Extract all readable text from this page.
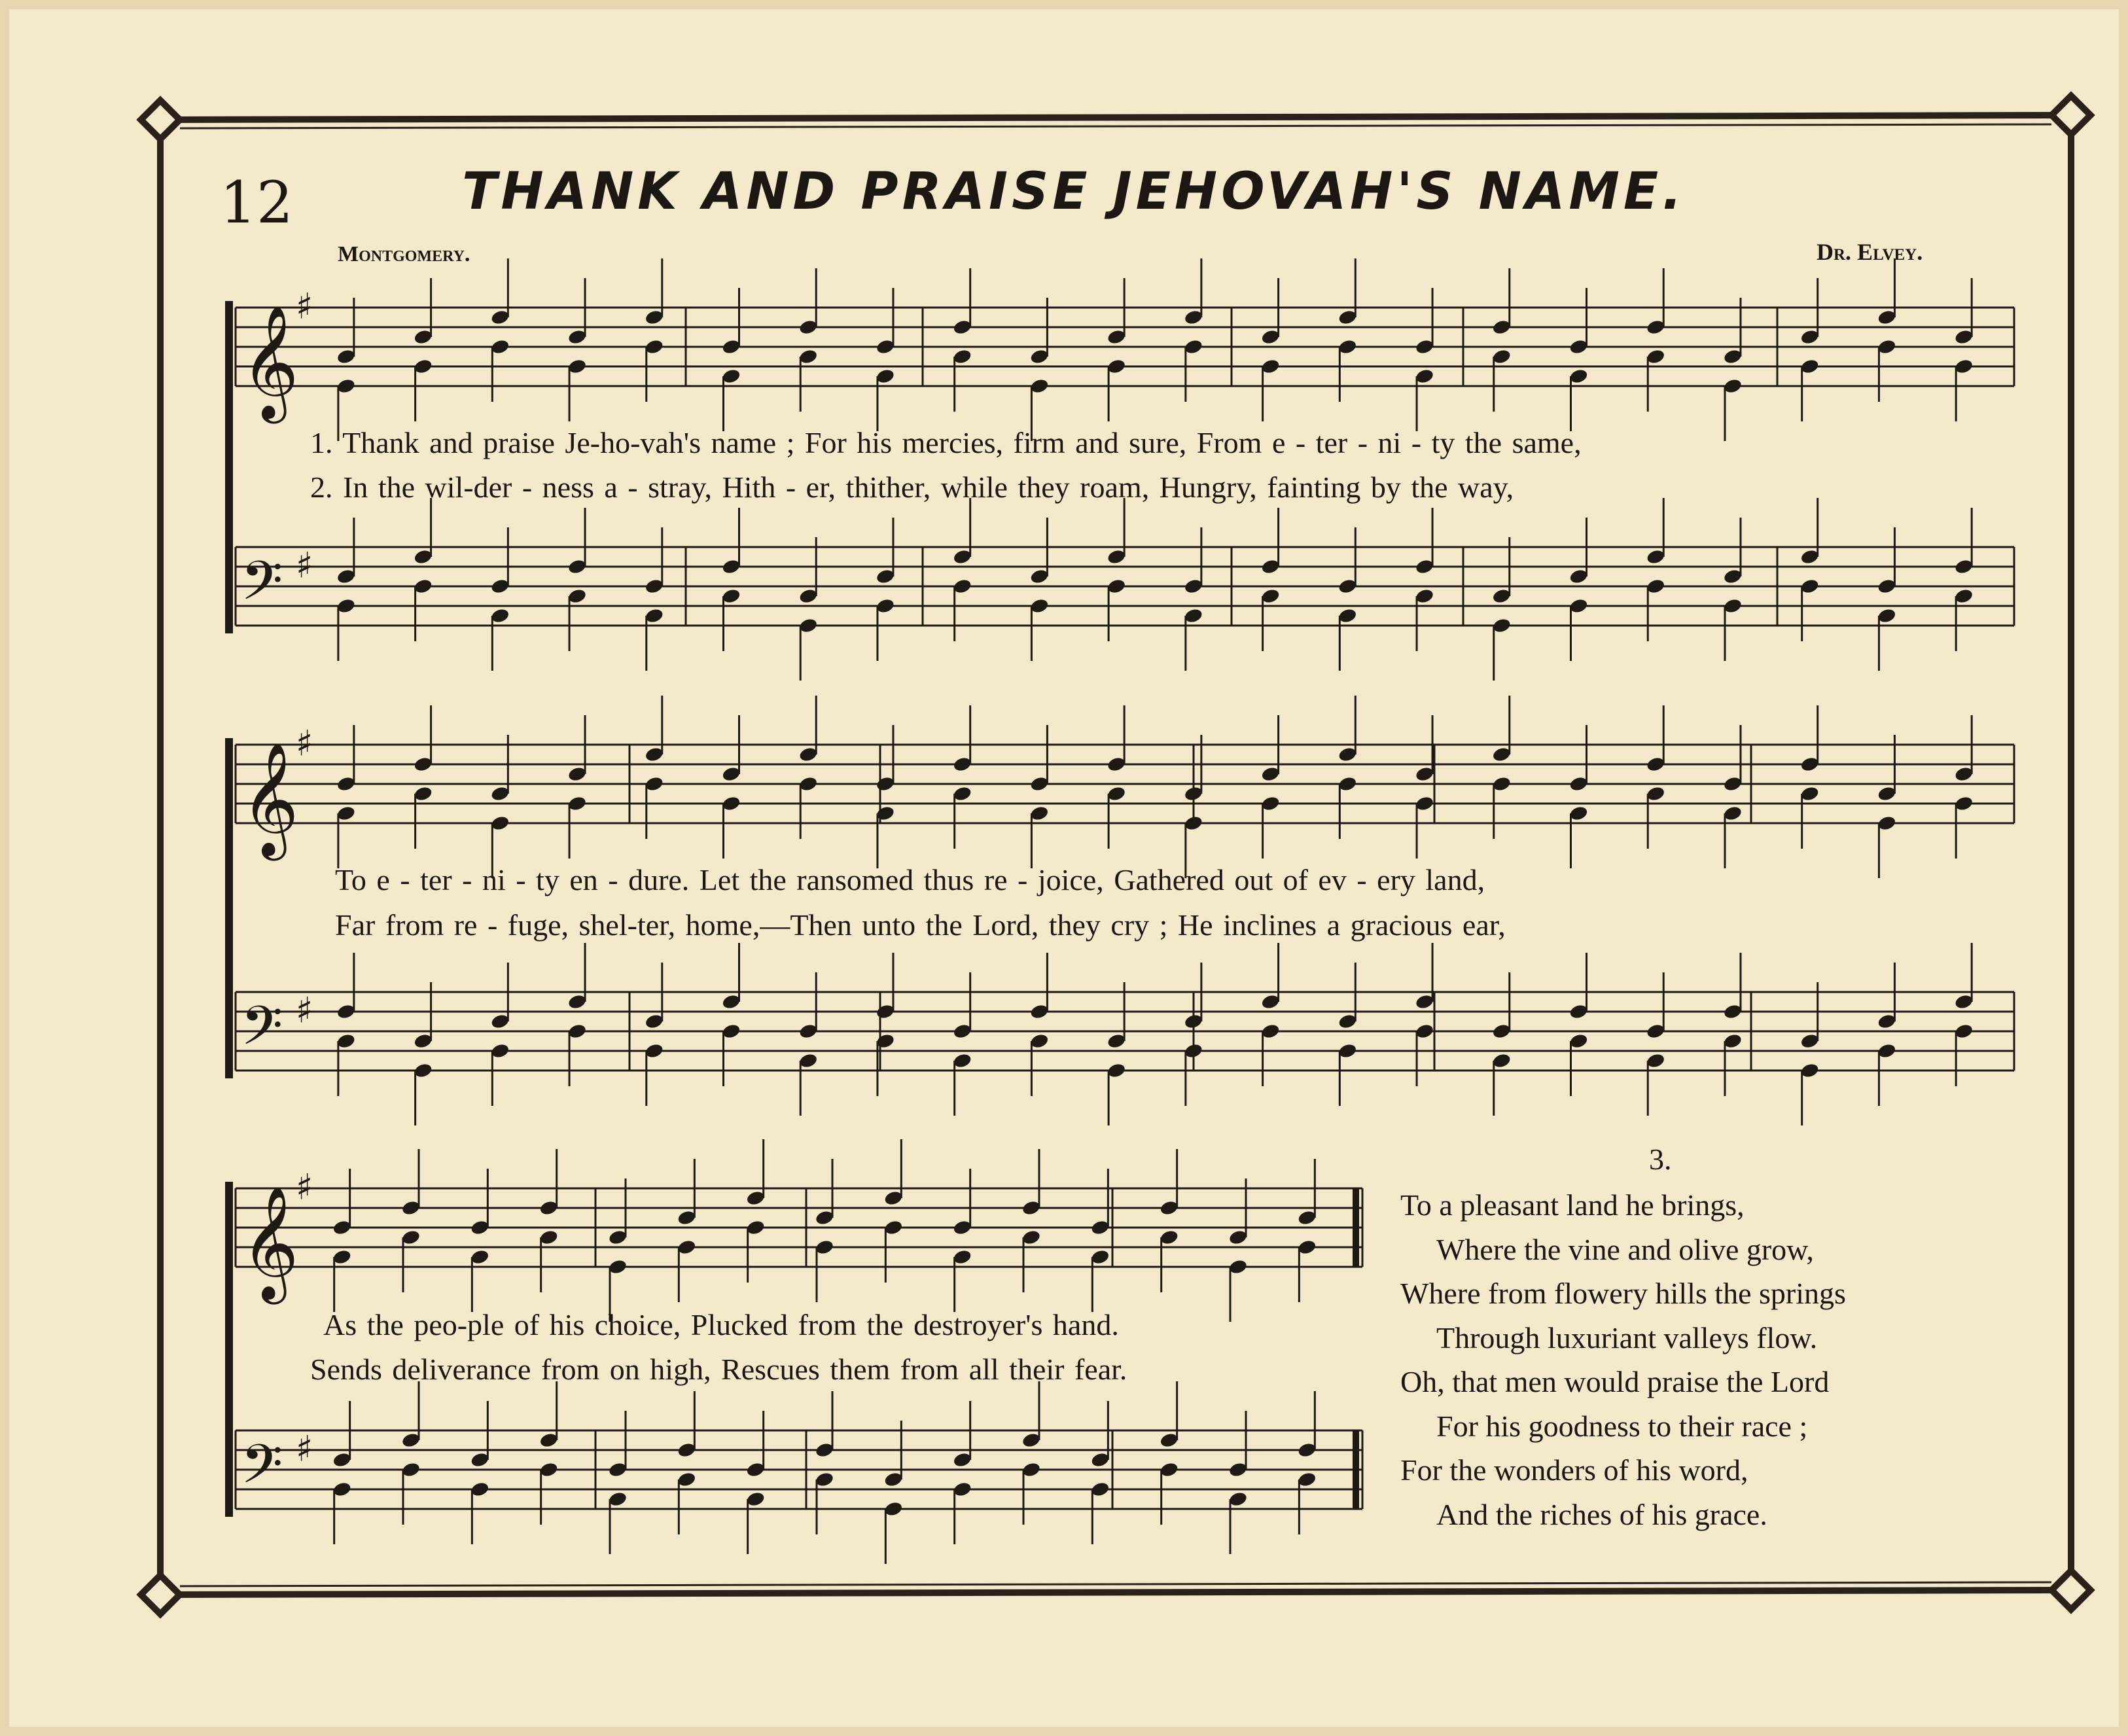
12	THANK AND PRAISE JEHOVAH'S NAME.
Montgomery.	Dr. Elvey.
𝄞
♯
𝄢 ♯
𝄞
♯
𝄢 ♯
𝄞
♯
𝄢 ♯
1. Thank and praise Je-ho-vah's name ; For his mercies, firm and sure, From e - ter - ni - ty the same,
2. In the wil-der - ness a - stray, Hith - er, thither, while they roam, Hungry, fainting by the way,
To e - ter - ni - ty en - dure. Let the ransomed thus re - joice, Gathered out of ev - ery land,
Far from re - fuge, shel-ter, home,—Then unto the Lord, they cry ; He inclines a gracious ear,
As the peo-ple of his choice, Plucked from the destroyer's hand.
Sends deliverance from on high, Rescues them from all their fear.
3.
To a pleasant land he brings,
Where the vine and olive grow,
Where from flowery hills the springs
Through luxuriant valleys flow.
Oh, that men would praise the Lord
For his goodness to their race ;
For the wonders of his word,
And the riches of his grace.
